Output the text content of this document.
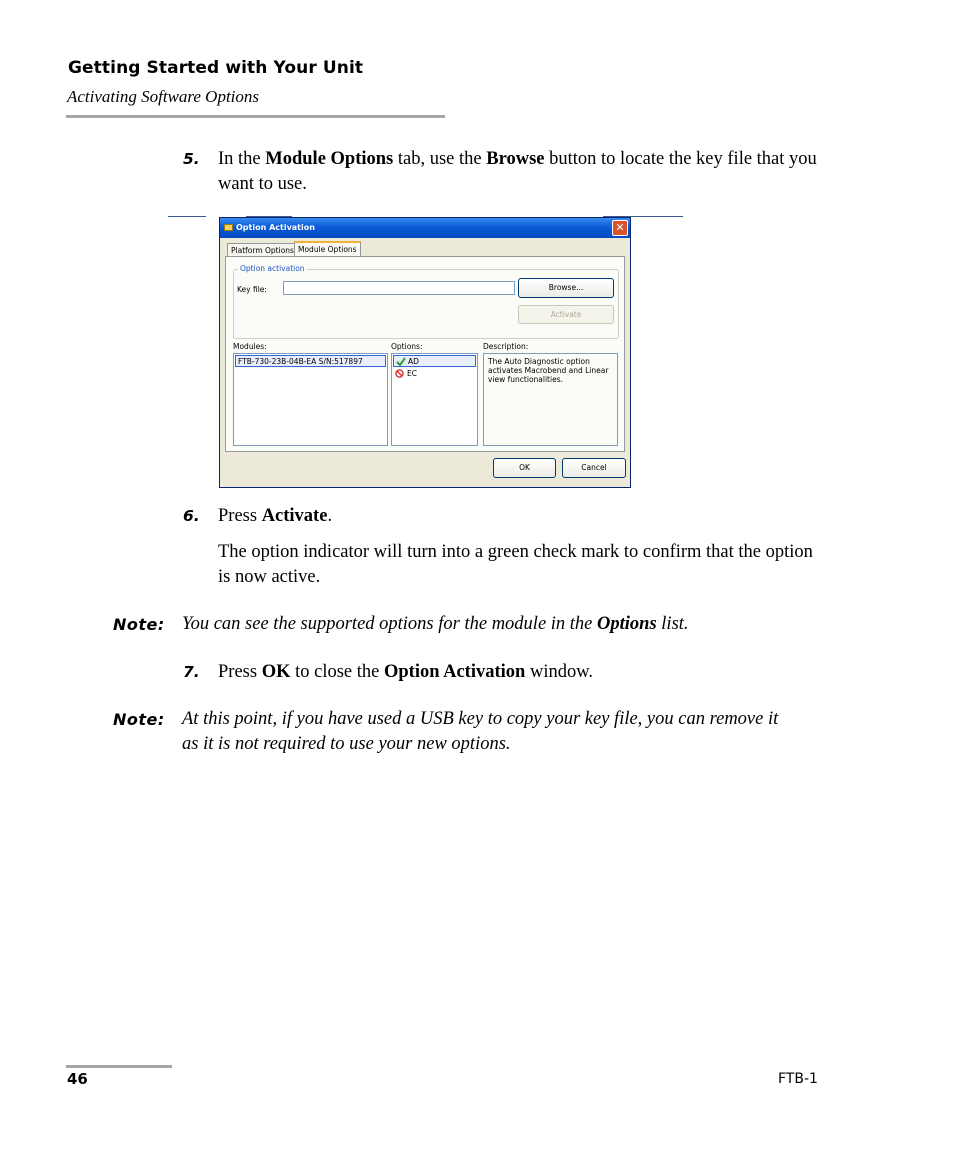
Getting Started with Your Unit
Activating Software Options
5. In the Module Options tab, use the Browse button to locate the key file that you want to use.
Option Activation	✕
Platform Options Module Options
Option activation
Key file:	Browse...
Activate
Modules:
FTB-730-23B-04B-EA S/N:517897
Options:
AD
EC
Description:
The Auto Diagnostic option activates Macrobend and Linear view functionalities.
OK	Cancel
6. Press Activate.
The option indicator will turn into a green check mark to confirm that the option is now active.
Note: You can see the supported options for the module in the Options list.
7. Press OK to close the Option Activation window.
Note: At this point, if you have used a USB key to copy your key file, you can remove it as it is not required to use your new options.
46	FTB-1
